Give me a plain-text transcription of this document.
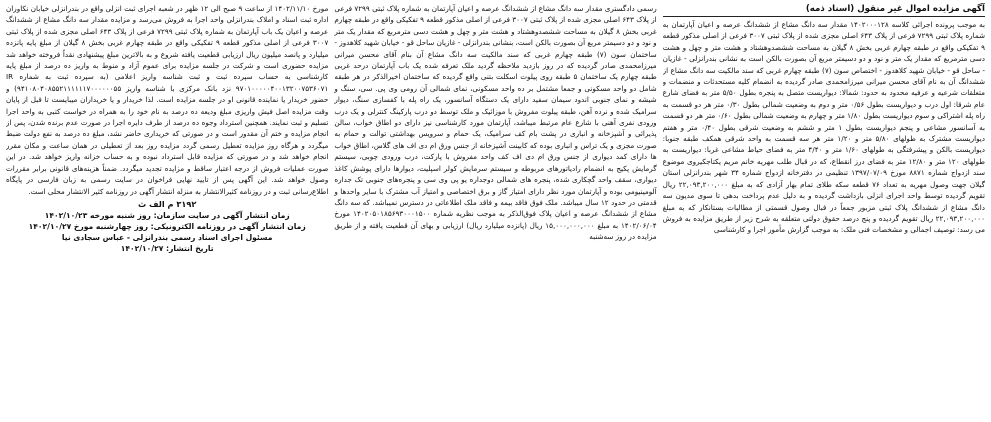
آگهی مزایده اموال غیر منقول (اسناد ذمه)

به موجب پرونده اجرائی کلاسه ۱۴۰۲۰۰۰۱۲۸ مقدار سه دانگ مشاع از ششدانگ عرصه و اعیان آپارتمان به شماره پلاک ثبتی ۷۲۹۹ فرعی از پلاک ۶۴۳ اصلی مجزی شده از پلاک ثبتی ۳۰۰۷ فرعی از اصلی مذکور قطعه ۹ تفکیکی واقع در طبقه چهارم غربی بخش ۸ گیلان به مساحت ششصدوهشتاد و هشت متر و چهل و هشت دسی مترمربع که مقدار یک متر و نود و دو دسیمتر مربع آن بصورت بالکن است به نشانی بندرانزلی - غازیان - ساحل قو - خیابان شهید کلاهدوز - اختصاص سون (۷) طبقه چهارم غربی که سند مالکیت سه دانگ مشاع از ششدانگ آن به نام آقای محسن میرانی میرزامحمدی صادر گردیده به انضمام کلیه مستحدثات و منضمات و متعلقات شرعیه و عرفیه محدود به حدود: شمالا: دیواریست متصل به پنجره بطول ۵/۵۰ متر به فضای شارع عام شرقا: اول درب و دیواریست بطول ۰/۵۶ متر و دوم به وضعیت شمالی بطول ۰/۳۰ متر هر دو قسمت به راه پله اشتراکی و سوم دیواریست بطول ۱/۸۰ متر و چهارم به وضعیت شمالی بطول ۰/۶۰ متر هر دو قسمت به آسانسور مشاعی و پنجم دیواریست بطول ۱ متر و ششم به وضعیت شرقی بطول ۰/۴۰ متر و هفتم دیواریست مشترک به طولهای ۵/۸۰ متر و ۱/۲۰ متر هر سه قسمت به واحد شرقی همکف طبقه جنوبا: دیواریست بالکن و پیشرفتگی به طولهای ۱/۶۰ متر و ۴/۴۰ متر به فضای حیاط مشاعی غربا: دیواریست به طولهای ۱۲۰ متر و ۱۲/۸۰ متر به فضای درز انقطاع، که در قبال طلب مهریه خانم مریم یکتاجکیروی موضوع سند ازدواج شماره ۸۸۷۱ مورخ ۱۳۹۷/۰۷/۰۹ تنظیمی در دفترخانه ازدواج شماره ۳۴ شهر بندرانزلی استان گیلان جهت وصول مهریه به تعداد ۷۶ قطعه سکه طلای تمام بهار آزادی که به مبلغ ۲۲,۰۹۳,۲۰۰,۰۰۰ ریال تقویم گردیده توسط واحد اجرای انزلی بازداشت گردیده و به دلیل عدم پرداخت بدهی تا سوی مدیون سه دانگ مشاع از ششدانگ پلاک ثبتی مزبور جمعاً در قبال وصول قسمتی از مطالبات بستانکار که به مبلغ ۲۲,۰۹۳,۲۰۰,۰۰۰ ریال تقویم گردیده و پنج درصد حقوق دولتی متعلقه به شرح زیر از طریق مزایده به فروش می رسد: توصیف اجمالی و مشخصات فنی ملک: به موجب گزارش مأمور اجرا و کارشناسی

رسمی دادگستری مقدار سه دانگ مشاع از ششدانگ عرصه و اعیان آپارتمان به شماره پلاک ثبتی ۷۲۹۹ فرعی از پلاک ۶۴۳ اصلی مجزی شده از پلاک ثبتی ۳۰۰۷ فرعی از اصلی مذکور قطعه ۹ تفکیکی واقع در طبقه چهارم غربی بخش ۸ گیلان به مساحت ششصدوهشتاد و هشت متر و چهل و هشت دسی مترمربع که مقدار یک متر و نود و دو دسیمتر مربع آن بصورت بالکن است، بنشانی بندرانزلی - غازیان ساحل قو - خیابان شهید کلاهدوز - ساختمان سون (۷) طبقه چهارم غربی که سند مالکیت سه دانگ مشاع آن بنام آقای محسن میرانی میرزامحمدی صادر گردیده که در روز بازدید ملاحظه گردید ملک تعرفه شده یک باب آپارتمان درحد غربی طبقه چهارم یک ساختمان ۵ طبقه روی پیلوت اسکلت بتنی واقع گردیده که ساختمان اخیرالذکر در هر طبقه شامل دو واحد مسکونی و جمعا مشتمل بر ده واحد مسکونی، نمای شمالی آن رومی وی پی. سی، سنگ و شیشه و نمای جنوبی اندود سیمان سفید دارای یک دستگاه آسانسور، یک راه پله با کفسازی سنگ، دیوار سرامیک شده و نرده آهن، طبقه پیلوت مفروش با موزائیک و ملک توسط دو درب پارکینگ کنترلی و یک درب ورودی نفری آهنی با شارع عام مرتبط میباشد، آپارتمان مورد کارشناسی نیز دارای دو اطاق خواب، سالن پذیرائی و آشپزخانه و انباری در پشت بام کف سرامیک، یک حمام و سرویس بهداشتی توالت و حمام به صورت مجزی و یک تراس و انباری بوده که کابینت آشپزخانه از جنس ورق ام دی اف های گلاس، اطاق خواب ها دارای کمد دیواری از جنس ورق ام دی اف کف واحد مفروش با پارکت، درب ورودی چوبی، سیستم گرمایش پکیج به انضمام رادیاتورهای مربوطه و سیستم سرمایش کولر اسپلیت، دیوارها دارای پوشش کاغذ دیواری، سقف واحد گچکاری شده، پنجره های شمالی دوجداره یو پی وی سی و پنجره‌های جنوبی تک جداره آلومینیومی بوده و آپارتمان مورد نظر دارای امتیاز گاز و برق اختصاصی و امتیاز آب مشترک با سایر واحدها و قدمتی در حدود ۱۲ سال میباشد. ملک فوق فاقد بیمه و فاقد ملک اطلاعاتی در دسترس نمیباشد. که سه دانگ مشاع از ششدانگ عرصه و اعیان پلاک فوق‌الذکر به موجب نظریه شماره ۱۴۰۲۰۵۰۱۸۵۶۹۳۰۰۰۱۵۰۰ مورخ ۱۴۰۲/۰۶/۰۴ به مبلغ ۱۵,۰۰۰,۰۰۰,۰۰۰ ریال (پانزده میلیارد ریال) ارزیابی و بهای آن قطعیت یافته و از طریق مزایده در روز سه‌شنبه

مورخ ۱۴۰۲/۱۱/۱۰ از ساعت ۹ صبح الی ۱۲ ظهر در شعبه اجرای ثبت انزلی واقع در بندرانزلی خیابان نکاوران اداره ثبت اسناد و املاک بندرانزلی واحد اجرا به فروش می‌رسد و مزایده مقدار سه دانگ مشاع از ششدانگ عرصه و اعیان یک باب آپارتمان به شماره پلاک ثبتی ۷۲۹۹ فرعی از پلاک ۶۴۳ اصلی مجزی شده از پلاک ثبتی ۳۰۰۷ فرعی از اصلی مذکور قطعه ۹ تفکیکی واقع در طبقه چهارم غربی بخش ۸ گیلان از مبلغ پایه پانزده میلیارد و پانصد میلیون ریال ارزیابی قطعیت یافته شروع و به بالاترین مبلغ پیشنهادی نقداً فروخته خواهد شد مزایده حضوری است و شرکت در جلسه مزایده برای عموم آزاد و منوط به واریز ده درصد از مبلغ پایه کارشناسی به حساب سپرده ثبت و ثبت شناسه واریز اعلامی (به سپرده ثبت به شماره IR ۹۷۰۱۰۰۰۰۰۴۰۰۱۳۲۰۰۷۵۳۶۰۷۱ نزد بانک مرکزی با شناسه واریز ۹۴۱۰۸۰۴۰۸۵۵۲۱۱۱۱۱۱۷۰۰۰۰۰۰۵۵) و حضور خریدار یا نماینده قانونی او در جلسه مزایده است. لذا خریدار و یا خریداران میبایست تا قبل از پایان وقت مزایده اصل فیش واریزی مبلغ ودیعه ده درصد به نام خود را به همراه در خواست کتبی به واحد اجرا تسلیم و ثبت نمایند. همچنین استرداد وجوه ده درصد از طرف دایره اجرا در صورت عدم برنده شدن، پس از انجام مزایده و ختم آن مقدور است و در صورتی که خریداری حاضر نشد، مبلغ ده درصد به نفع دولت ضبط میگردد و هرگاه روز مزایده تعطیل رسمی گردد مزایده روز بعد از تعطیلی در همان ساعت و مکان مقرر انجام خواهد شد و در صورتی که مزایده قابل استرداد نبوده و به حساب خزانه واریز خواهد شد. در این صورت عملیات فروش از درجه اعتبار ساقط و مزایده تجدید میگردد. ضمناً هزینه‌های قانونی برابر مقررات وصول خواهد شد. این آگهی پس از تایید نهایی فراخوان در سایت رسمی به زبان فارسی در پایگاه اطلاع‌رسانی ثبت و در روزنامه کثیرالانتشار به منزله انتشار آگهی در روزنامه کثیر الانتشار محلی است.

۳۱۹۲ م الف ث
زمان انتشار آگهی در سایت سازمان: روز شنبه مورخه ۱۴۰۲/۱۰/۲۳
زمان انتشار آگهی در روزنامه الکترونیکی: روز چهارشنبه مورخ ۱۴۰۲/۱۰/۲۷
مسئول اجرای اسناد رسمی بندرانزلی - عباس سجادی نیا
تاریخ انتشار: ۱۴۰۲/۱۰/۲۷
